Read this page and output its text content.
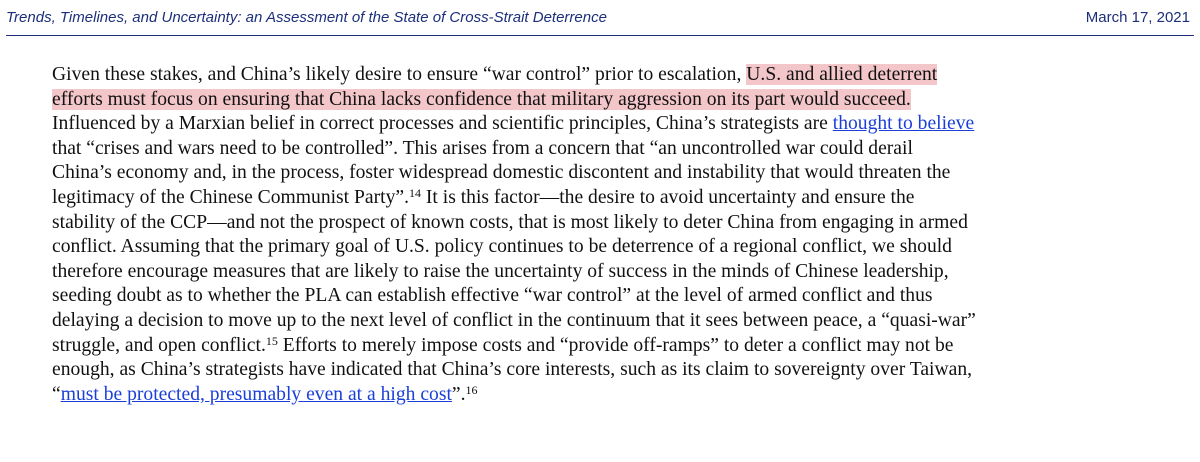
Trends, Timelines, and Uncertainty: an Assessment of the State of Cross-Strait Deterrence	March 17, 2021
Given these stakes, and China’s likely desire to ensure “war control” prior to escalation, U.S. and allied deterrent
efforts must focus on ensuring that China lacks confidence that military aggression on its part would succeed.
Influenced by a Marxian belief in correct processes and scientific principles, China’s strategists are thought to believe
that “crises and wars need to be controlled”. This arises from a concern that “an uncontrolled war could derail
China’s economy and, in the process, foster widespread domestic discontent and instability that would threaten the
legitimacy of the Chinese Communist Party”.$^{14}$ It is this factor—the desire to avoid uncertainty and ensure the
stability of the CCP—and not the prospect of known costs, that is most likely to deter China from engaging in armed
conflict. Assuming that the primary goal of U.S. policy continues to be deterrence of a regional conflict, we should
therefore encourage measures that are likely to raise the uncertainty of success in the minds of Chinese leadership,
seeding doubt as to whether the PLA can establish effective “war control” at the level of armed conflict and thus
delaying a decision to move up to the next level of conflict in the continuum that it sees between peace, a “quasi-war”
struggle, and open conflict.$^{15}$ Efforts to merely impose costs and “provide off-ramps” to deter a conflict may not be
enough, as China’s strategists have indicated that China’s core interests, such as its claim to sovereignty over Taiwan,
“must be protected, presumably even at a high cost”.$^{16}$
